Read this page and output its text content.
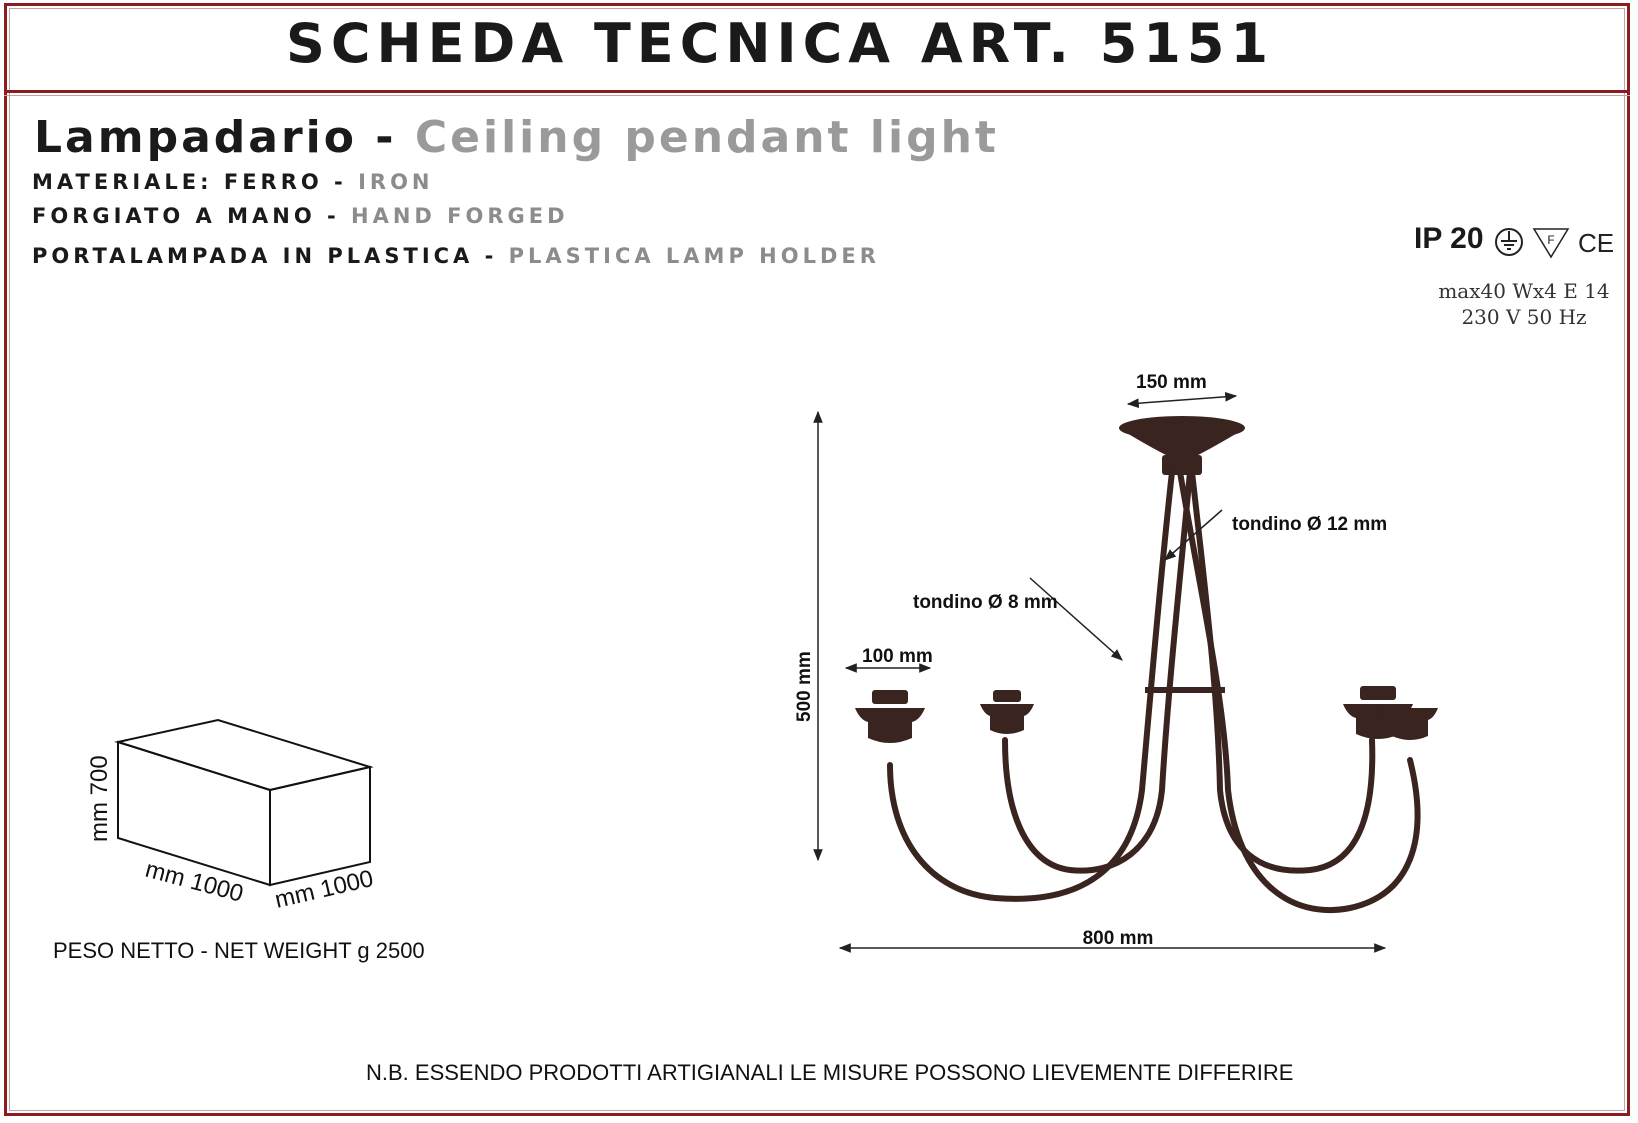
SCHEDA TECNICA ART. 5151
Lampadario - Ceiling pendant light
MATERIALE: FERRO - IRON
FORGIATO A MANO - HAND FORGED
PORTALAMPADA IN PLASTICA - PLASTICA LAMP HOLDER
IP 20	F CE
max40 Wx4 E 14
230 V 50 Hz
mm 700
mm 1000 mm 1000
PESO NETTO - NET WEIGHT g 2500
150 mm
500 mm
800 mm
100 mm
tondino Ø 8 mm
tondino Ø 12 mm
N.B. ESSENDO PRODOTTI ARTIGIANALI LE MISURE POSSONO LIEVEMENTE DIFFERIRE
